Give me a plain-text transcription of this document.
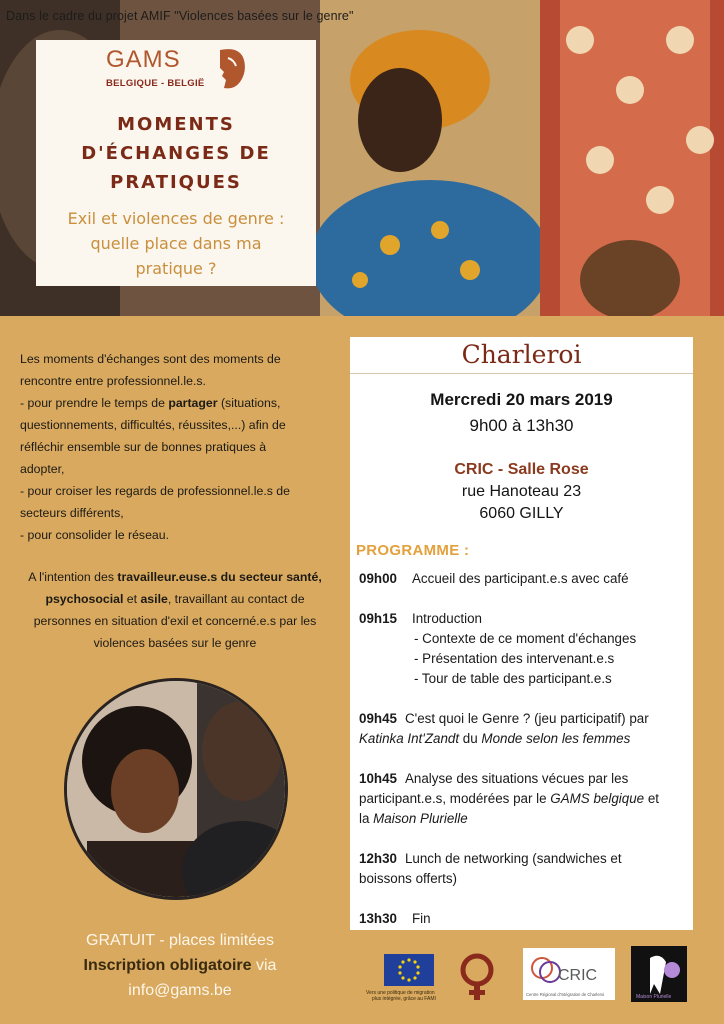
Dans le cadre du projet AMIF "Violences basées sur le genre"
GAMS
BELGIQUE - BELGIË
MOMENTS
D'ÉCHANGES DE
PRATIQUES
Exil et violences de genre :
quelle place dans ma
pratique ?
Les moments d'échanges sont des moments de
rencontre entre professionnel.le.s.
- pour prendre le temps de partager (situations,
questionnements, difficultés, réussites,...) afin de
réfléchir ensemble sur de bonnes pratiques à
adopter,
- pour croiser les regards de professionnel.le.s de
secteurs différents,
- pour consolider le réseau.
A l'intention des travailleur.euse.s du secteur santé,
psychosocial et asile, travaillant au contact de
personnes en situation d'exil et concerné.e.s par les
violences basées sur le genre
GRATUIT - places limitées
Inscription obligatoire via
info@gams.be
Charleroi
Mercredi 20 mars 2019
9h00 à 13h30
CRIC - Salle Rose
rue Hanoteau 23
6060 GILLY
PROGRAMME :
09h00	Accueil des participant.e.s avec café
09h15	Introduction
- Contexte de ce moment d'échanges
- Présentation des intervenant.e.s
- Tour de table des participant.e.s
09h45 C'est quoi le Genre ? (jeu participatif) par
Katinka Int'Zandt du Monde selon les femmes
10h45 Analyse des situations vécues par les
participant.e.s, modérées par le GAMS belgique et
la Maison Plurielle
12h30 Lunch de networking (sandwiches et
boissons offerts)
13h30	Fin
Vers une politique de migration
plus intégrée, grâce au FAMI
CRIC
Centre Régional d'Intégration de Charleroi	Maison Plurielle
